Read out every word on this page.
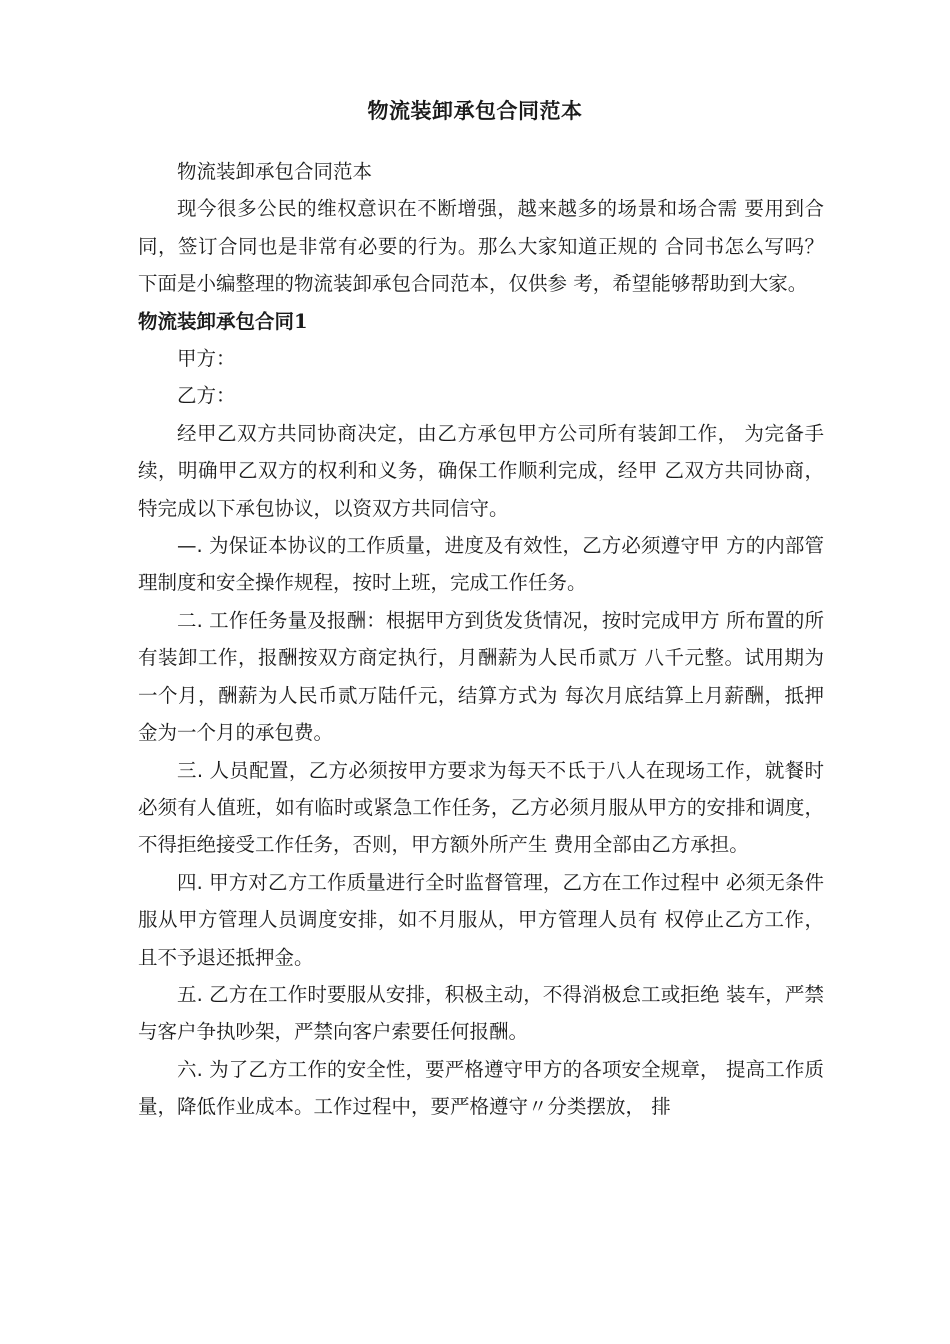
物流装卸承包合同范本

物流装卸承包合同范本

现今很多公民的维权意识在不断增强，越来越多的场景和场合需 要用到合同，签订合同也是非常有必要的行为。那么大家知道正规的 合同书怎么写吗？下面是小编整理的物流装卸承包合同范本，仅供参 考，希望能够帮助到大家。

物流装卸承包合同1

甲方：

乙方：

经甲乙双方共同协商决定，由乙方承包甲方公司所有装卸工作， 为完备手续，明确甲乙双方的权利和义务，确保工作顺利完成，经甲 乙双方共同协商，特完成以下承包协议，以资双方共同信守。

—. 为保证本协议的工作质量，进度及有效性，乙方必须遵守甲 方的内部管理制度和安全操作规程，按时上班，完成工作任务。

二. 工作任务量及报酬：根据甲方到货发货情况，按时完成甲方 所布置的所有装卸工作，报酬按双方商定执行，月酬薪为人民币贰万 八千元整。试用期为一个月，酬薪为人民币贰万陆仟元，结算方式为 每次月底结算上月薪酬，抵押金为一个月的承包费。

三. 人员配置，乙方必须按甲方要求为每天不氐于八人在现场工作，就餐时必须有人值班，如有临时或紧急工作任务，乙方必须月服从甲方的安排和调度，不得拒绝接受工作任务，否则，甲方额外所产生 费用全部由乙方承担。

四. 甲方对乙方工作质量进行全时监督管理，乙方在工作过程中 必须无条件服从甲方管理人员调度安排，如不月服从，甲方管理人员有 权停止乙方工作，且不予退还抵押金。

五. 乙方在工作时要服从安排，积极主动，不得消极怠工或拒绝 装车，严禁与客户争执吵架，严禁向客户索要任何报酬。

六. 为了乙方工作的安全性，要严格遵守甲方的各项安全规章， 提高工作质量，降低作业成本。工作过程中，要严格遵守〃分类摆放， 排
